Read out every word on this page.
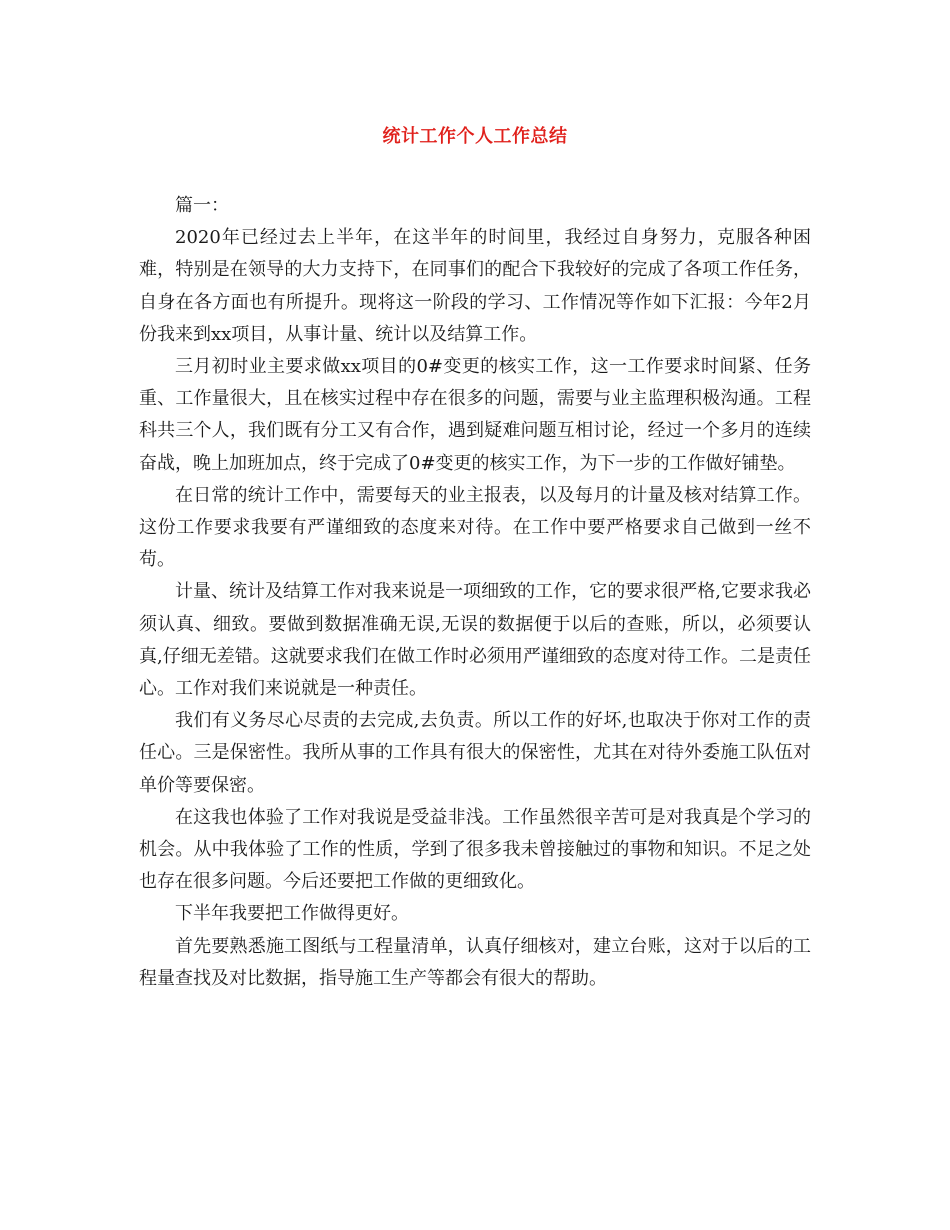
统计工作个人工作总结

篇一：

2020年已经过去上半年，在这半年的时间里，我经过自身努力，克服各种困难，特别是在领导的大力支持下，在同事们的配合下我较好的完成了各项工作任务，自身在各方面也有所提升。现将这一阶段的学习、工作情况等作如下汇报：今年2月份我来到xx项目，从事计量、统计以及结算工作。

三月初时业主要求做xx项目的0#变更的核实工作，这一工作要求时间紧、任务重、工作量很大，且在核实过程中存在很多的问题，需要与业主监理积极沟通。工程科共三个人，我们既有分工又有合作，遇到疑难问题互相讨论，经过一个多月的连续奋战，晚上加班加点，终于完成了0#变更的核实工作，为下一步的工作做好铺垫。

在日常的统计工作中，需要每天的业主报表，以及每月的计量及核对结算工作。这份工作要求我要有严谨细致的态度来对待。在工作中要严格要求自己做到一丝不苟。

计量、统计及结算工作对我来说是一项细致的工作，它的要求很严格,它要求我必须认真、细致。要做到数据准确无误,无误的数据便于以后的查账，所以，必须要认真,仔细无差错。这就要求我们在做工作时必须用严谨细致的态度对待工作。二是责任心。工作对我们来说就是一种责任。

我们有义务尽心尽责的去完成,去负责。所以工作的好坏,也取决于你对工作的责任心。三是保密性。我所从事的工作具有很大的保密性，尤其在对待外委施工队伍对单价等要保密。

在这我也体验了工作对我说是受益非浅。工作虽然很辛苦可是对我真是个学习的机会。从中我体验了工作的性质，学到了很多我未曾接触过的事物和知识。不足之处也存在很多问题。今后还要把工作做的更细致化。

下半年我要把工作做得更好。

首先要熟悉施工图纸与工程量清单，认真仔细核对，建立台账，这对于以后的工程量查找及对比数据，指导施工生产等都会有很大的帮助。
